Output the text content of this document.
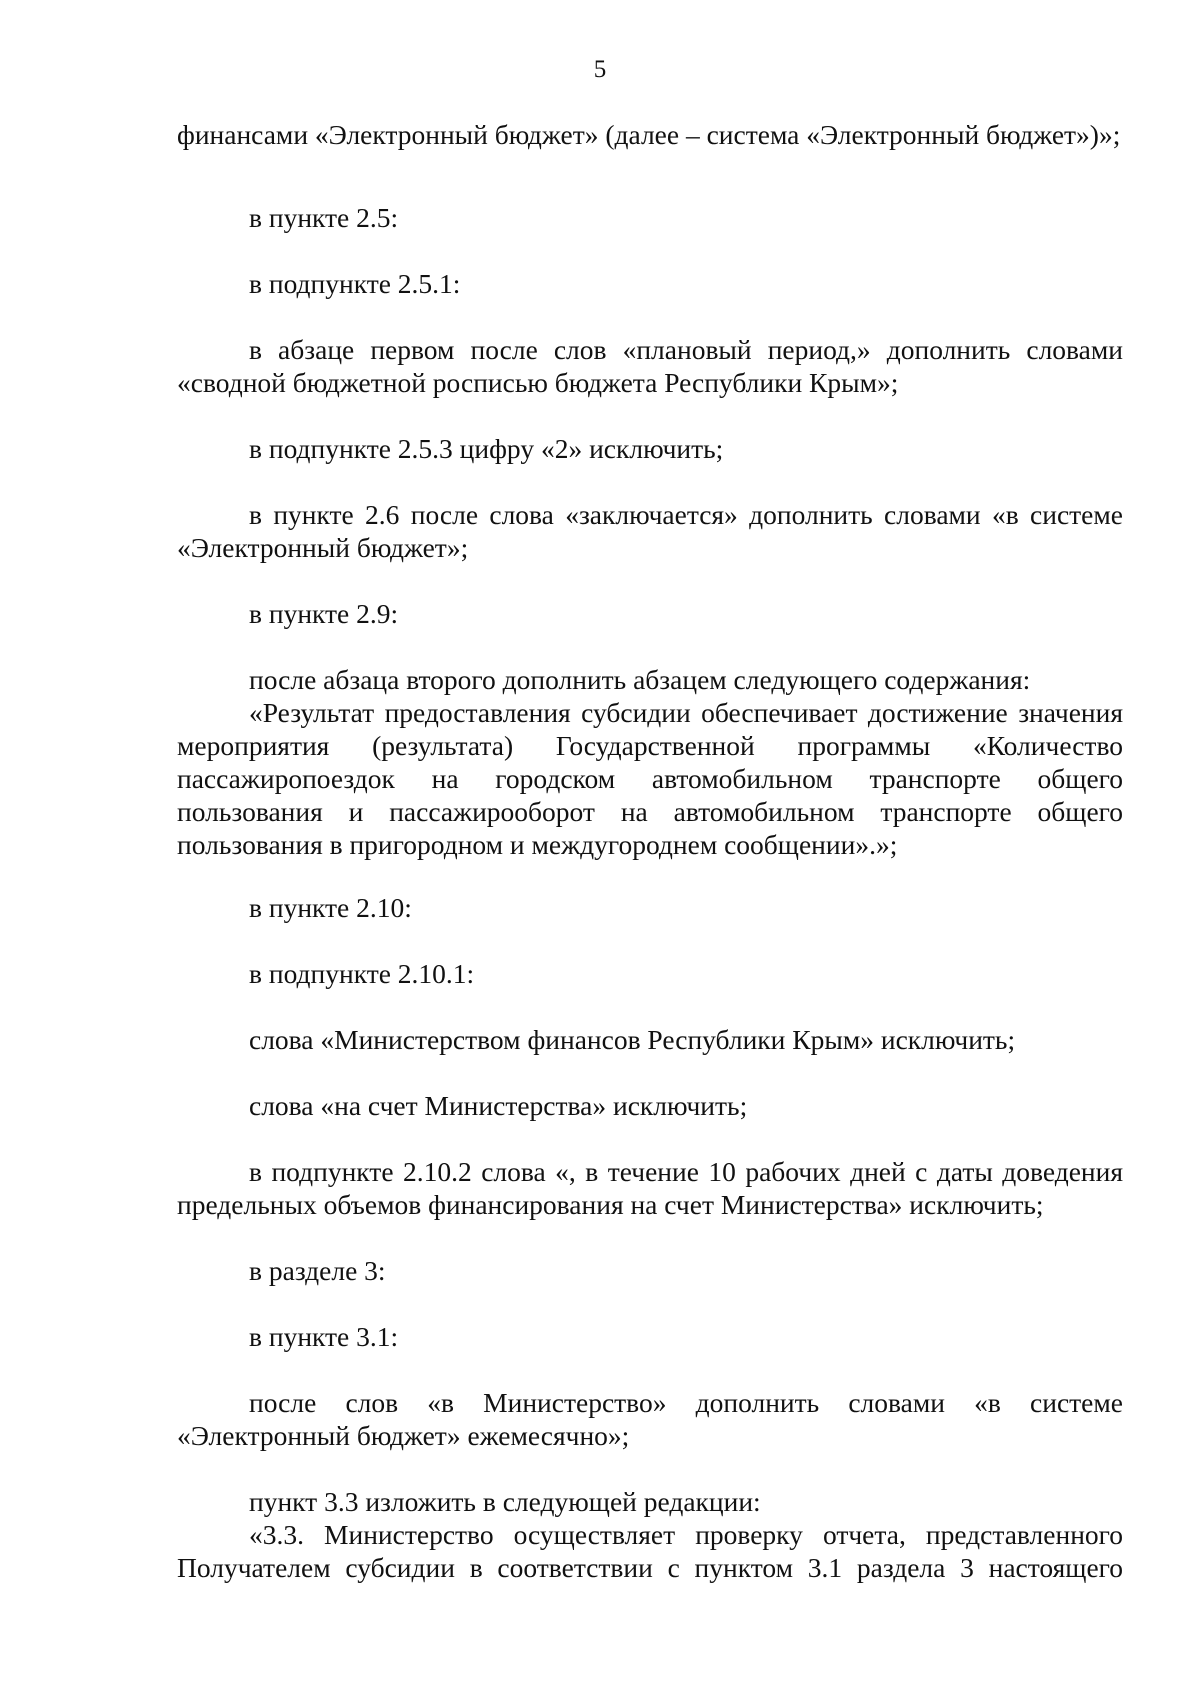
5

финансами «Электронный бюджет» (далее – система «Электронный бюджет»)»;

в пункте 2.5:

в подпункте 2.5.1:

в абзаце первом после слов «плановый период,» дополнить словами «сводной бюджетной росписью бюджета Республики Крым»;

в подпункте 2.5.3 цифру «2» исключить;

в пункте 2.6 после слова «заключается» дополнить словами «в системе «Электронный бюджет»;

в пункте 2.9:

после абзаца второго дополнить абзацем следующего содержания:

«Результат предоставления субсидии обеспечивает достижение значения мероприятия (результата) Государственной программы «Количество пассажиропоездок на городском автомобильном транспорте общего пользования и пассажирооборот на автомобильном транспорте общего пользования в пригородном и междугороднем сообщении».»;

в пункте 2.10:

в подпункте 2.10.1:

слова «Министерством финансов Республики Крым» исключить;

слова «на счет Министерства» исключить;

в подпункте 2.10.2 слова «, в течение 10 рабочих дней с даты доведения предельных объемов финансирования на счет Министерства» исключить;

в разделе 3:

в пункте 3.1:

после слов «в Министерство» дополнить словами «в системе «Электронный бюджет» ежемесячно»;

пункт 3.3 изложить в следующей редакции:

«3.3. Министерство осуществляет проверку отчета, представленного Получателем субсидии в соответствии с пунктом 3.1 раздела 3 настоящего
